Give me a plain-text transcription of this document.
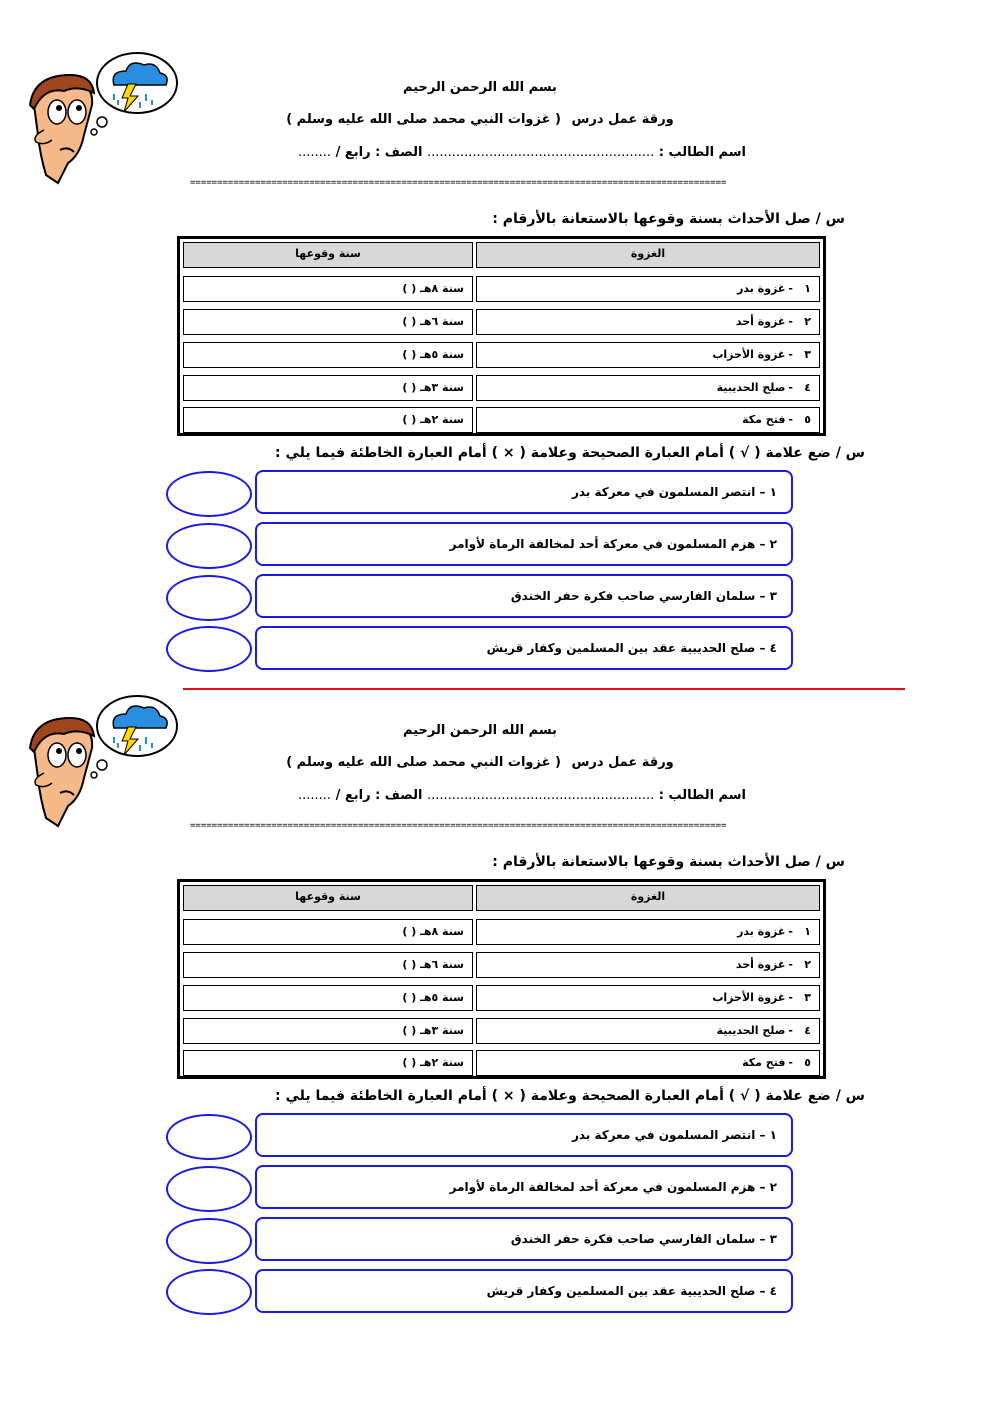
بسم الله الرحمن الرحيم
ورقة عمل درس ( غزوات النبي محمد صلى الله عليه وسلم )
اسم الطالب : ....................................................... الصف : رابع / ........
===================================================================================================
س / صل الأحداث بسنة وقوعها بالاستعانة بالأرقام :
الغزوة
سنة وقوعها
١-غزوة بدر
سنة ٨هـ ( )
٢-غزوة أحد
سنة ٦هـ ( )
٣-غزوة الأحزاب
سنة ٥هـ ( )
٤-صلح الحديبية
سنة ٣هـ ( )
٥-فتح مكة
سنة ٢هـ ( )
س / ضع علامة ( √ ) أمام العبارة الصحيحة وعلامة ( × ) أمام العبارة الخاطئة فيما يلي :
١ – انتصر المسلمون في معركة بدر
٢ – هزم المسلمون في معركة أحد لمخالفة الرماة لأوامر
٣ – سلمان الفارسي صاحب فكرة حفر الخندق
٤ – صلح الحديبية عقد بين المسلمين وكفار قريش
بسم الله الرحمن الرحيم
ورقة عمل درس ( غزوات النبي محمد صلى الله عليه وسلم )
اسم الطالب : ....................................................... الصف : رابع / ........
===================================================================================================
س / صل الأحداث بسنة وقوعها بالاستعانة بالأرقام :
الغزوة
سنة وقوعها
١-غزوة بدر
سنة ٨هـ ( )
٢-غزوة أحد
سنة ٦هـ ( )
٣-غزوة الأحزاب
سنة ٥هـ ( )
٤-صلح الحديبية
سنة ٣هـ ( )
٥-فتح مكة
سنة ٢هـ ( )
س / ضع علامة ( √ ) أمام العبارة الصحيحة وعلامة ( × ) أمام العبارة الخاطئة فيما يلي :
١ – انتصر المسلمون في معركة بدر
٢ – هزم المسلمون في معركة أحد لمخالفة الرماة لأوامر
٣ – سلمان الفارسي صاحب فكرة حفر الخندق
٤ – صلح الحديبية عقد بين المسلمين وكفار قريش
